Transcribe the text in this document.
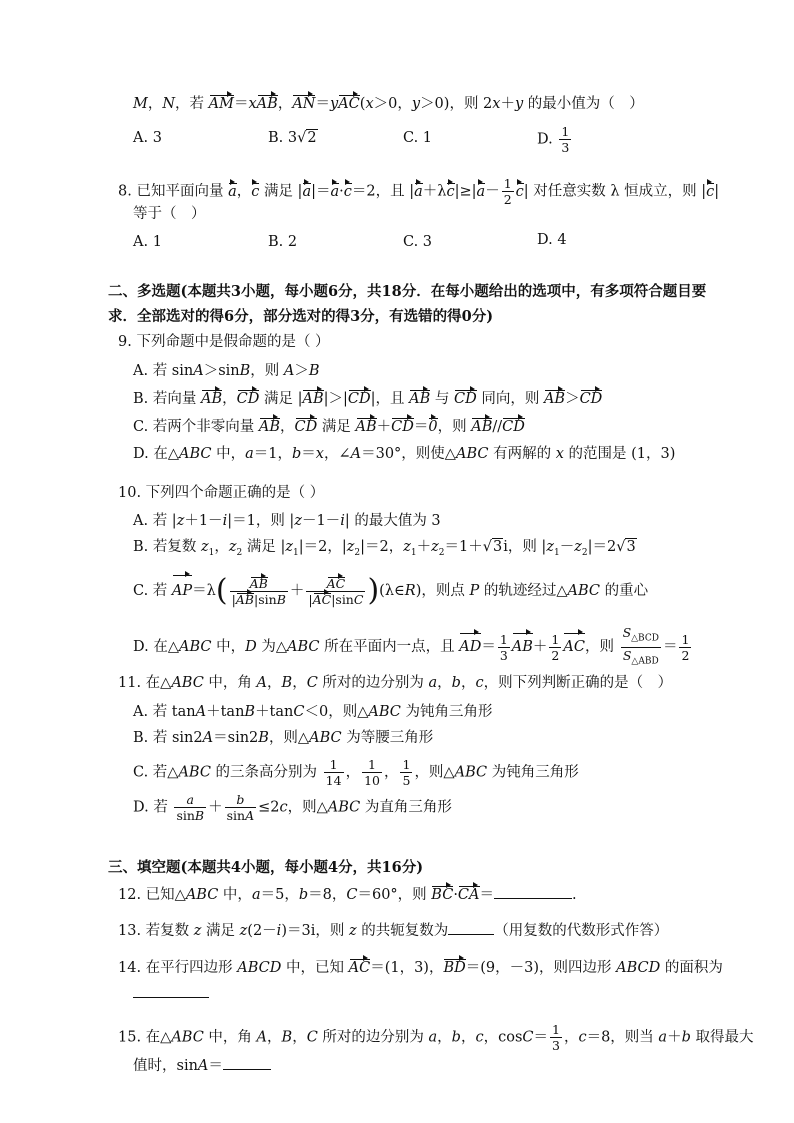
M，N，若 AM＝xAB，AN＝yAC(x＞0，y＞0)，则 2x＋y 的最小值为（　）
A. 3	B. 3√2	C. 1	D. $\frac{1}{3}$
8. 已知平面向量 a，c 满足 |a|＝a·c＝2，且 $|a+\lambda c|\ge|a- \frac{1}{2} c|$ 对任意实数 λ 恒成立，则 |c|
等于（　）
A. 1	B. 2	C. 3	D. 4
二、多选题(本题共3小题，每小题6分，共18分．在每小题给出的选项中，有多项符合题目要
求．全部选对的得6分，部分选对的得3分，有选错的得0分)
9. 下列命题中是假命题的是（ ）
A. 若 sinA＞sinB，则 A＞B
B. 若向量 AB，CD 满足 |AB|＞|CD|，且 AB 与 CD 同向，则 AB＞CD
C. 若两个非零向量 AB，CD 满足 AB＋CD＝0，则 AB//CD
D. 在△ABC 中，a＝1，b＝x，∠A＝30°，则使△ABC 有两解的 x 的范围是 (1，3)
10. 下列四个命题正确的是（ ）
A. 若 |z＋1－i|＝1，则 |z－1－i| 的最大值为 3
B. 若复数 $z_1$，$z_2$ 满足 $|z_1|=2$，$|z_2|=2$，$z_1+z_2=1+√3i$，则 $|z_1-z_2|=2√3$
C. 若 $AP=\lambda( \frac{AB}{|AB|\sin B} + \frac{AC}{|AC|\sin C}$ )(λ∈R)，则点 P 的轨迹经过△ABC 的重心
D. 在△ABC 中，D 为△ABC 所在平面内一点，且 $AD= \frac{1}{3} AB+ \frac{1}{2}$ AC，则 $\frac{S_{\triangle BCD}}{S_{\triangle ABD}} = \frac{1}{2}$
11. 在△ABC 中，角 A，B，C 所对的边分别为 a，b，c，则下列判断正确的是（　）
A. 若 tanA＋tanB＋tanC＜0，则△ABC 为钝角三角形
B. 若 sin2A＝sin2B，则△ABC 为等腰三角形
C. 若△ABC 的三条高分别为 $\frac{1}{14}$ ， $\frac{1}{10}$ ， $\frac{1}{5}$ ，则△ABC 为钝角三角形
D. 若 $\frac{a}{\sin B} + \frac{b}{\sin A} \le 2c$，则△ABC 为直角三角形
三、填空题(本题共4小题，每小题4分，共16分)
12. 已知△ABC 中，a＝5，b＝8，C＝60°，则 BC·CA＝	.
13. 若复数 z 满足 z(2－i)＝3i，则 z 的共轭复数为	（用复数的代数形式作答）
14. 在平行四边形 ABCD 中，已知 AC＝(1，3)，BD＝(9，－3)，则四边形 ABCD 的面积为
15. 在△ABC 中，角 A，B，C 所对的边分别为 a，b，c，$\cos C= \frac{1}{3}$ ，c＝8，则当 a＋b 取得最大
值时，sinA＝
